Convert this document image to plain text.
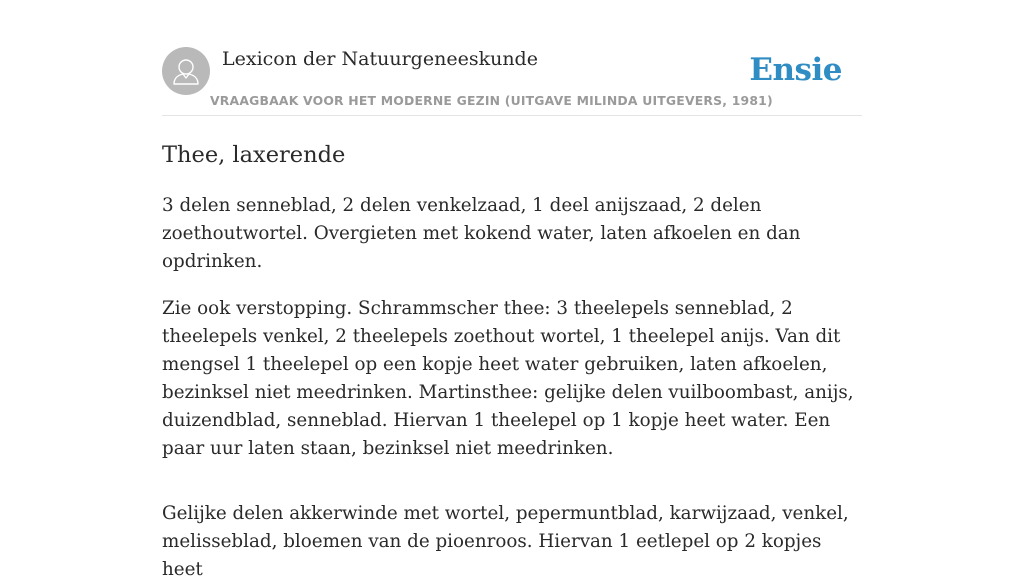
Lexicon der Natuurgeneeskunde
VRAAGBAAK VOOR HET MODERNE GEZIN (UITGAVE MILINDA UITGEVERS, 1981)
Ensie
Thee, laxerende

3 delen senneblad, 2 delen venkelzaad, 1 deel anijszaad, 2 delen zoethoutwortel. Overgieten met kokend water, laten afkoelen en dan opdrinken.

Zie ook verstopping. Schrammscher thee: 3 theelepels senneblad, 2 theelepels venkel, 2 theelepels zoethout wortel, 1 theelepel anijs. Van dit mengsel 1 theelepel op een kopje heet water gebruiken, laten afkoelen, bezinksel niet meedrinken. Martinsthee: gelijke delen vuilboombast, anijs, duizendblad, senneblad. Hiervan 1 theelepel op 1 kopje heet water. Een paar uur laten staan, bezinksel niet meedrinken.

Gelijke delen akkerwinde met wortel, pepermuntblad, karwijzaad, venkel, melisseblad, bloemen van de pioenroos. Hiervan 1 eetlepel op 2 kopjes heet
